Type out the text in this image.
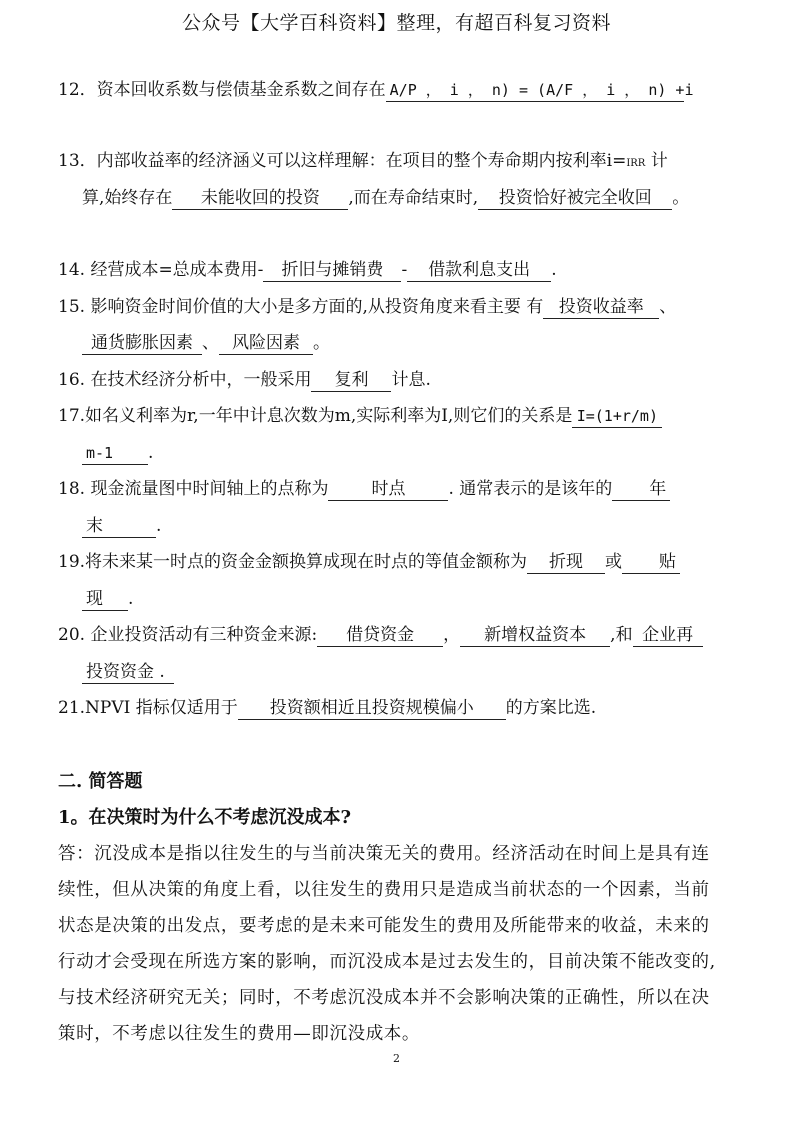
公众号【大学百科资料】整理，有超百科复习资料
12．资本回收系数与偿债基金系数之间存在 A/P ， i ， n) = (A/F ， i ， n) +i
13．内部收益率的经济涵义可以这样理解：在项目的整个寿命期内按利率i=IRR 计
算,始终存在 未能收回的投资 ,而在寿命结束时, 投资恰好被完全收回 。
14. 经营成本=总成本费用- 折旧与摊销费 - 借款利息支出 .
15. 影响资金时间价值的大小是多方面的,从投资角度来看主要 有 投资收益率 、
通货膨胀因素 、 风险因素 。
16. 在技术经济分析中，一般采用 复利 计息.
17.如名义利率为r,一年中计息次数为m,实际利率为I,则它们的关系是 I=(1+r/m)
m-1 .
18. 现金流量图中时间轴上的点称为	时点	. 通常表示的是该年的 年
末	.
19.将未来某一时点的资金金额换算成现在时点的等值金额称为 折现 或 贴
现 .
20. 企业投资活动有三种资金来源: 借贷资金 ， 新增权益资本 ,和 企业再
投资资金 .
21.NPVI 指标仅适用于 投资额相近且投资规模偏小 的方案比选.
二. 简答题
1。在决策时为什么不考虑沉没成本?
答：沉没成本是指以往发生的与当前决策无关的费用。经济活动在时间上是具有连
续性，但从决策的角度上看，以往发生的费用只是造成当前状态的一个因素，当前
状态是决策的出发点，要考虑的是未来可能发生的费用及所能带来的收益，未来的
行动才会受现在所选方案的影响，而沉没成本是过去发生的，目前决策不能改变的,
与技术经济研究无关；同时，不考虑沉没成本并不会影响决策的正确性，所以在决
策时，不考虑以往发生的费用—即沉没成本。
2
